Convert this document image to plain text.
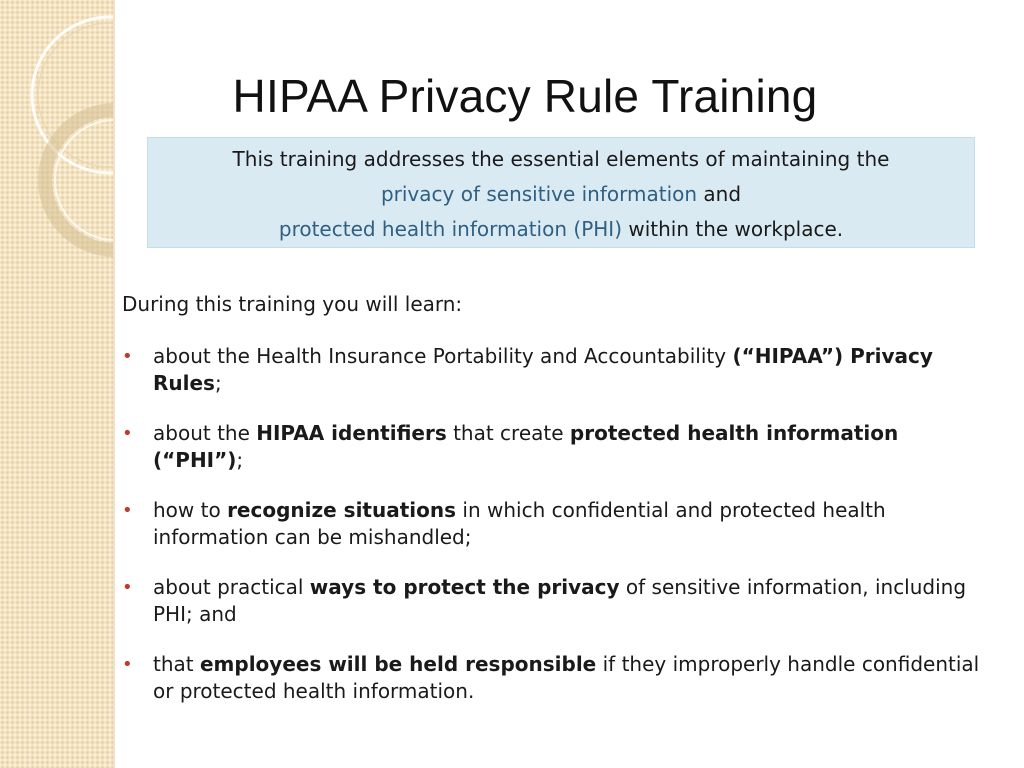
HIPAA Privacy Rule Training
This training addresses the essential elements of maintaining the
privacy of sensitive information and
protected health information (PHI) within the workplace.

During this training you will learn:

• about the Health Insurance Portability and Accountability (“HIPAA”) Privacy Rules;
• about the HIPAA identifiers that create protected health information (“PHI”);
• how to recognize situations in which confidential and protected health information can be mishandled;
• about practical ways to protect the privacy of sensitive information, including PHI; and
• that employees will be held responsible if they improperly handle confidential or protected health information.
